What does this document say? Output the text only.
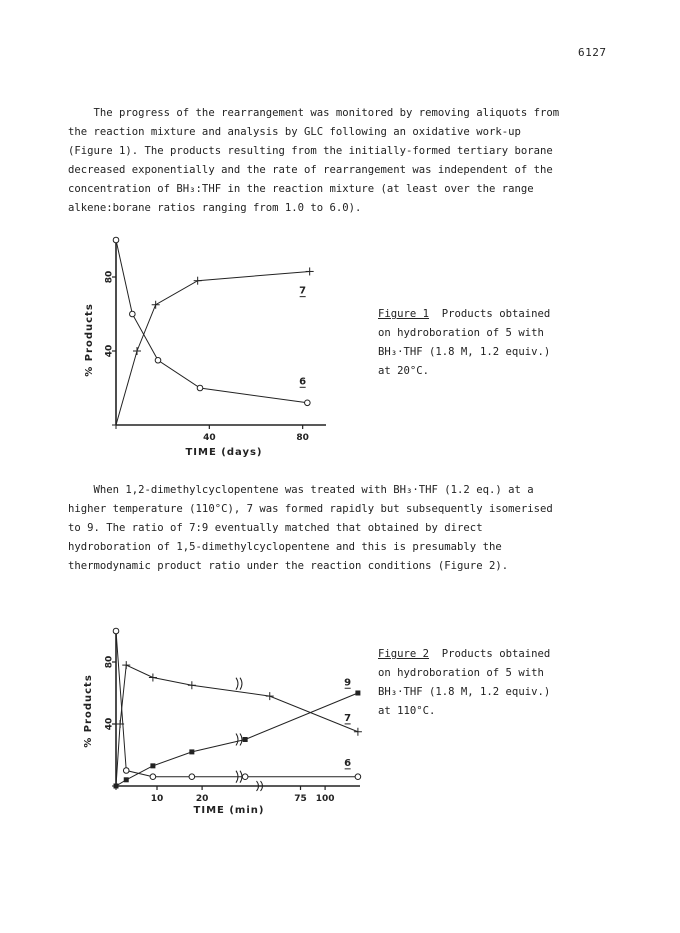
6127
The progress of the rearrangement was monitored by removing aliquots from
the reaction mixture and analysis by GLC following an oxidative work-up
(Figure 1). The products resulting from the initially-formed tertiary borane
decreased exponentially and the rate of rearrangement was independent of the
concentration of BH₃:THF in the reaction mixture (at least over the range
alkene:borane ratios ranging from 1.0 to 6.0).
Figure 1  Products obtained
on hydroboration of 5 with
BH₃·THF (1.8 M, 1.2 equiv.)
at 20°C.
When 1,2-dimethylcyclopentene was treated with BH₃·THF (1.2 eq.) at a
higher temperature (110°C), 7 was formed rapidly but subsequently isomerised
to 9. The ratio of 7:9 eventually matched that obtained by direct
hydroboration of 1,5-dimethylcyclopentene and this is presumably the
thermodynamic product ratio under the reaction conditions (Figure 2).
Figure 2  Products obtained
on hydroboration of 5 with
BH₃·THF (1.8 M, 1.2 equiv.)
at 110°C.
40
80
40	80
TIME (days)
% Products
7
6
40
80
10	20	75 100
TIME (min)
% Products	7
9
6
